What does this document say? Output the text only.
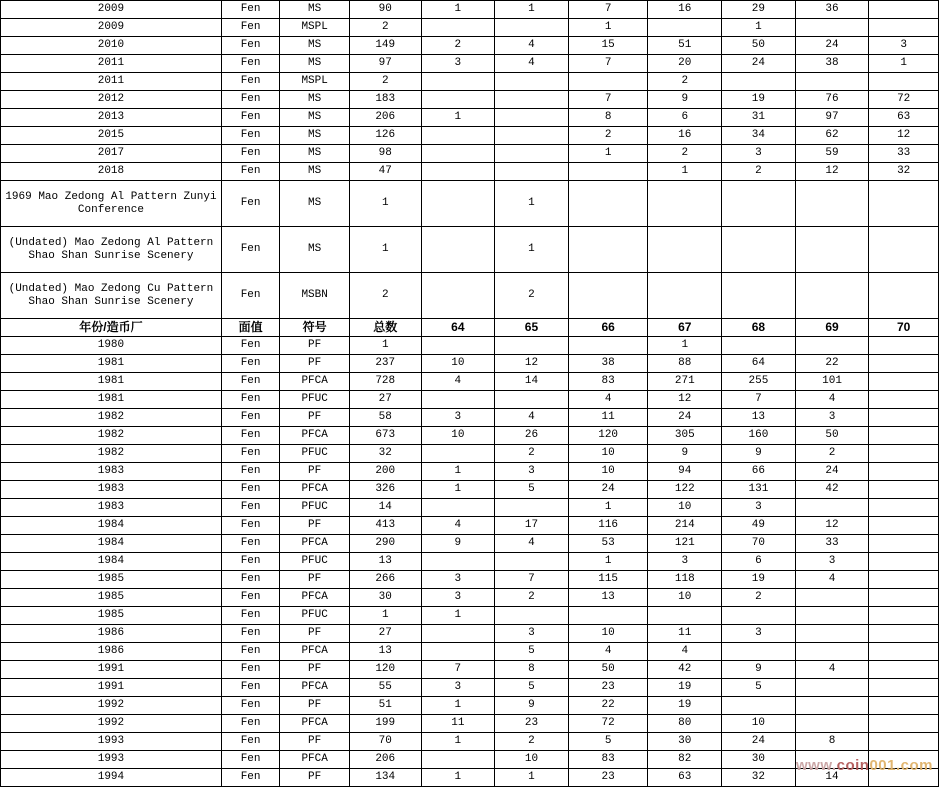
2009	Fen	MS	90	1	1	7	16	29	36	
2009	Fen	MSPL	2			1		1		
2010	Fen	MS	149	2	4	15	51	50	24	3
2011	Fen	MS	97	3	4	7	20	24	38	1
2011	Fen	MSPL	2				2			
2012	Fen	MS	183			7	9	19	76	72
2013	Fen	MS	206	1		8	6	31	97	63
2015	Fen	MS	126			2	16	34	62	12
2017	Fen	MS	98			1	2	3	59	33
2018	Fen	MS	47				1	2	12	32
1969 Mao Zedong Al Pattern Zunyi Conference	Fen	MS	1		1					
(Undated) Mao Zedong Al Pattern Shao Shan Sunrise Scenery	Fen	MS	1		1					
(Undated) Mao Zedong Cu Pattern Shao Shan Sunrise Scenery	Fen	MSBN	2		2					
年份/造币厂	面值	符号	总数	64	65	66	67	68	69	70
1980	Fen	PF	1				1			
1981	Fen	PF	237	10	12	38	88	64	22	
1981	Fen	PFCA	728	4	14	83	271	255	101	
1981	Fen	PFUC	27			4	12	7	4	
1982	Fen	PF	58	3	4	11	24	13	3	
1982	Fen	PFCA	673	10	26	120	305	160	50	
1982	Fen	PFUC	32		2	10	9	9	2	
1983	Fen	PF	200	1	3	10	94	66	24	
1983	Fen	PFCA	326	1	5	24	122	131	42	
1983	Fen	PFUC	14			1	10	3		
1984	Fen	PF	413	4	17	116	214	49	12	
1984	Fen	PFCA	290	9	4	53	121	70	33	
1984	Fen	PFUC	13			1	3	6	3	
1985	Fen	PF	266	3	7	115	118	19	4	
1985	Fen	PFCA	30	3	2	13	10	2		
1985	Fen	PFUC	1	1						
1986	Fen	PF	27		3	10	11	3		
1986	Fen	PFCA	13		5	4	4			
1991	Fen	PF	120	7	8	50	42	9	4	
1991	Fen	PFCA	55	3	5	23	19	5		
1992	Fen	PF	51	1	9	22	19			
1992	Fen	PFCA	199	11	23	72	80	10		
1993	Fen	PF	70	1	2	5	30	24	8	
1993	Fen	PFCA	206		10	83	82	30		
1994	Fen	PF	134	1	1	23	63	32	14	
www.coin001.com
